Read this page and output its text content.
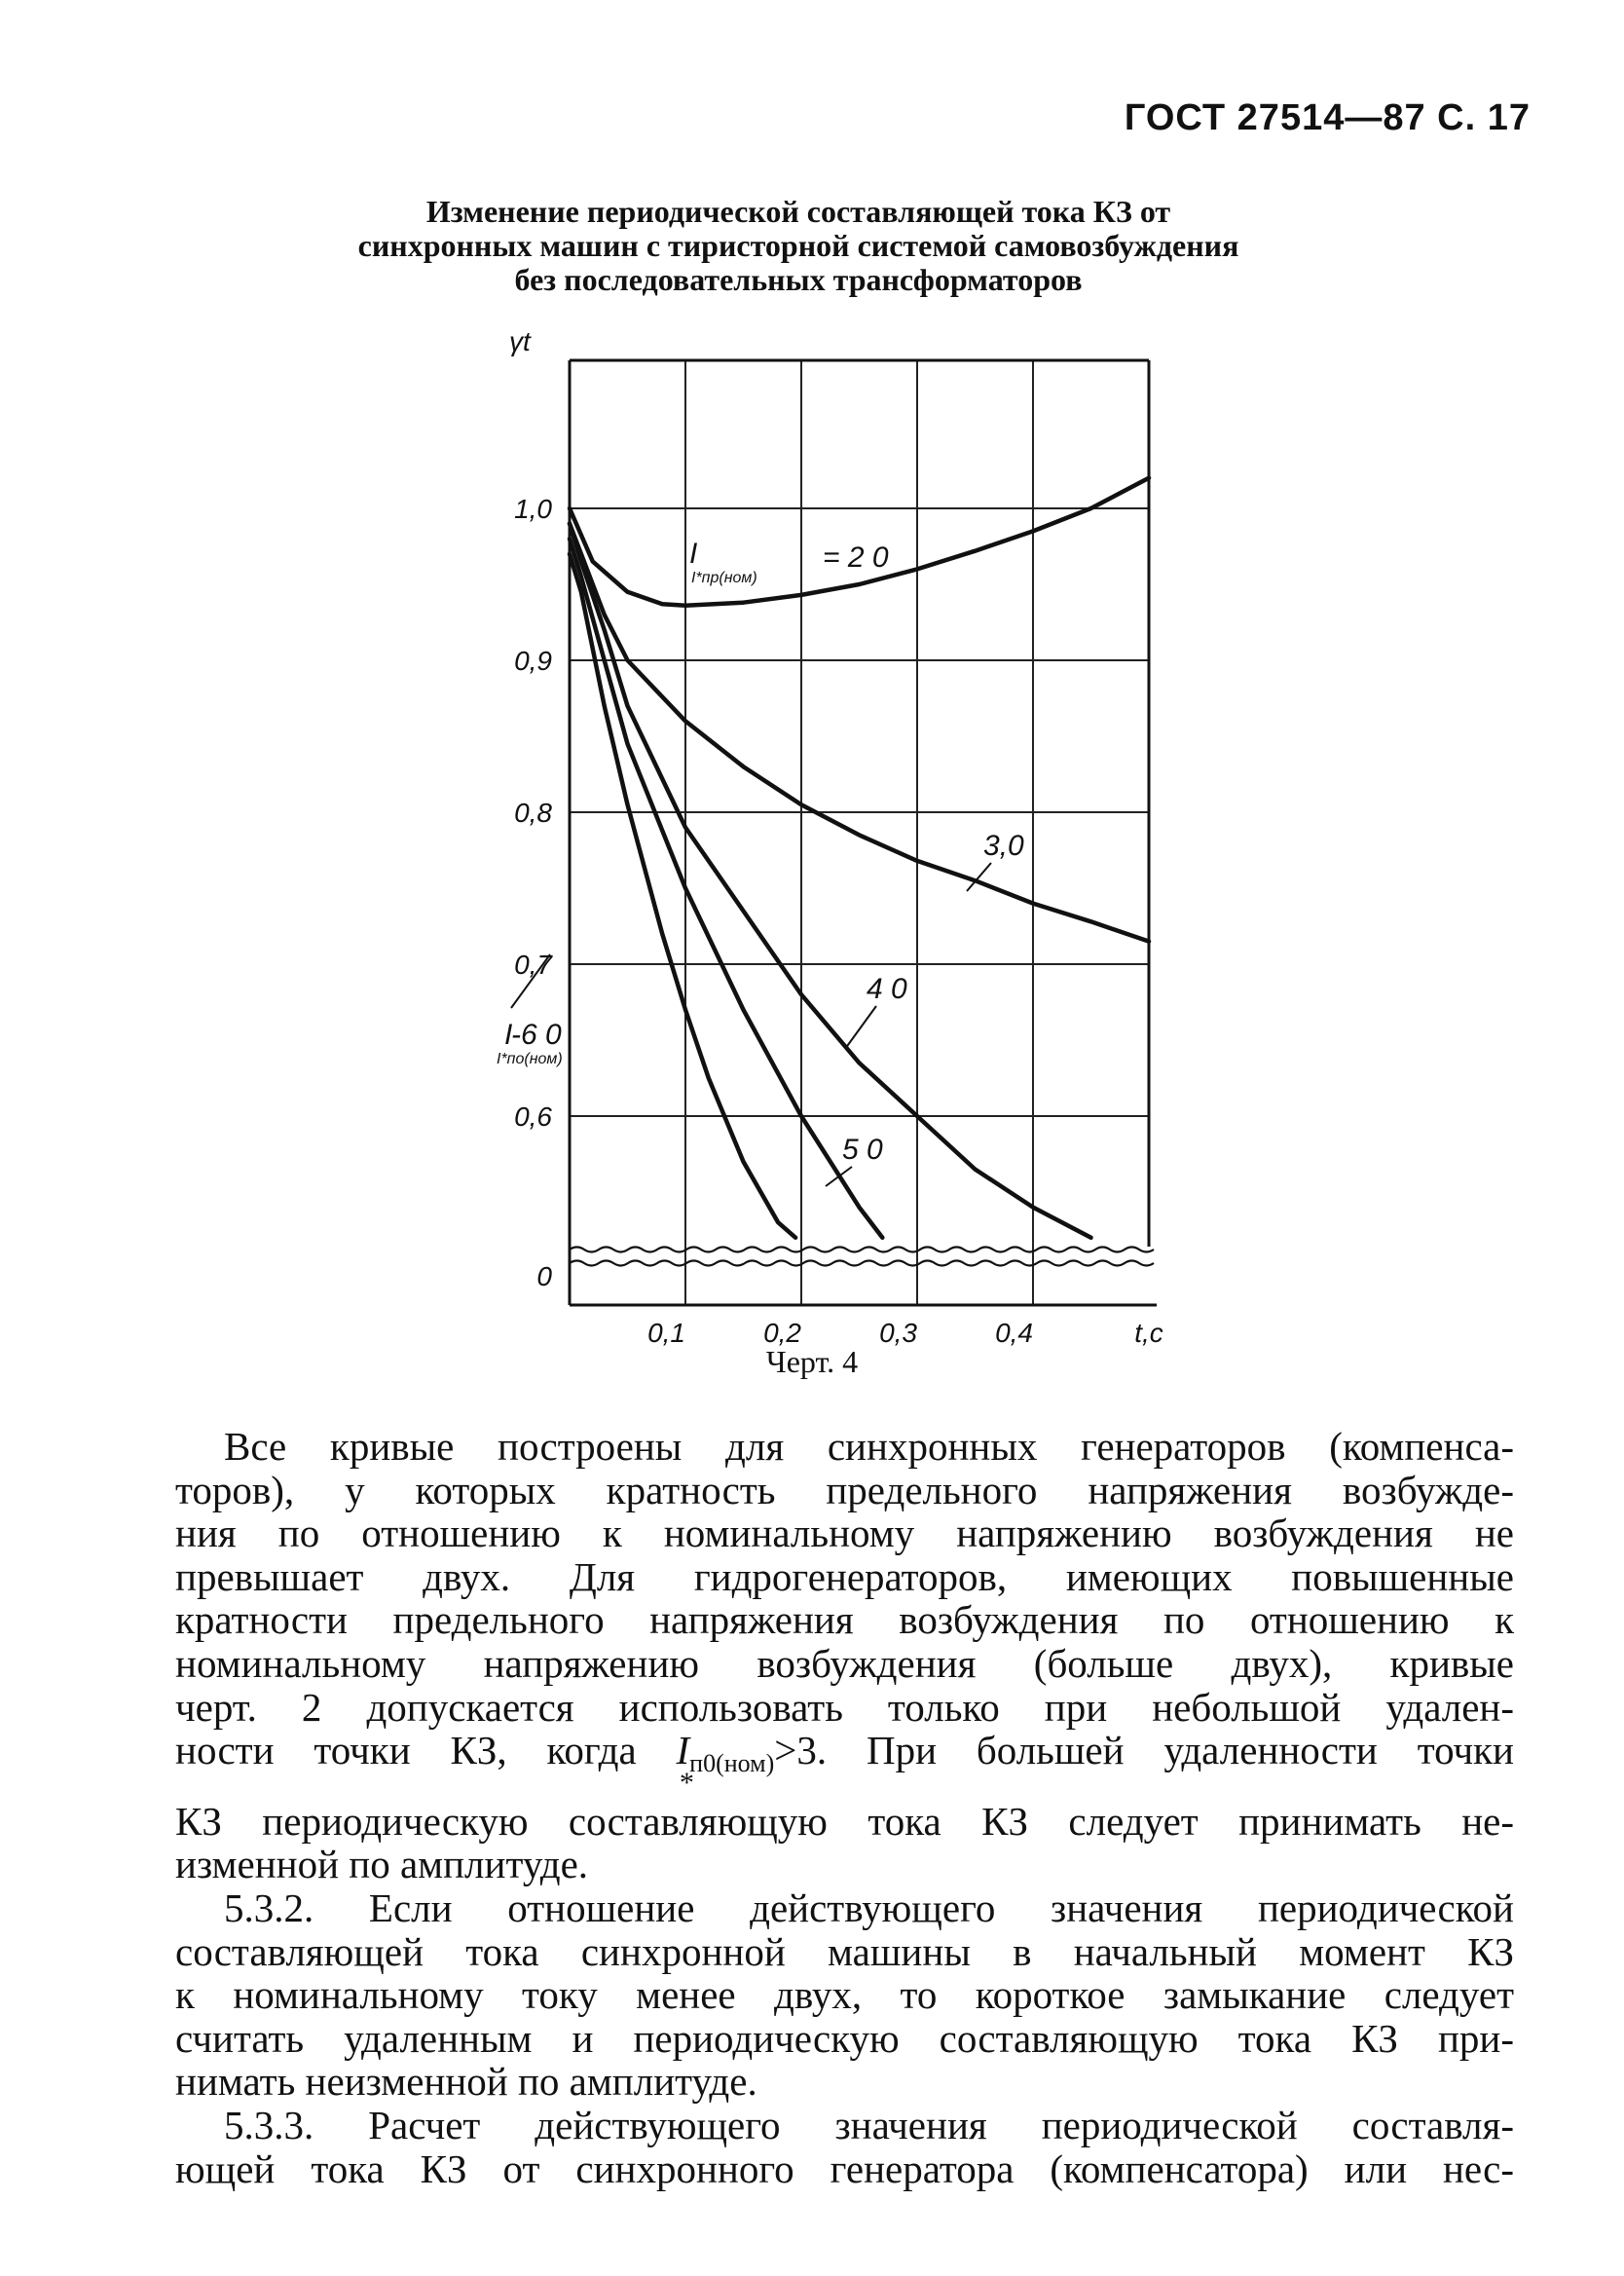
ГОСТ 27514—87 С. 17
Изменение периодической составляющей тока КЗ от
синхронных машин с тиристорной системой самовозбуждения
без последовательных трансформаторов
1,0
0,9
0,8
0,7
0,6
0
γt
0,1	0,2	0,3	0,4	t,c
= 2 0
I
I*пр(ном)
3,0
4 0
5 0
-6 0
I
I*по(ном)
Черт. 4

Все кривые построены для синхронных генераторов (компенса-

торов), у которых кратность предельного напряжения возбужде-

ния по отношению к номинальному напряжению возбуждения не

превышает двух. Для гидрогенераторов, имеющих повышенные

кратности предельного напряжения возбуждения по отношению к

номинальному напряжению возбуждения (больше двух), кривые

черт. 2 допускается использовать только при небольшой удален-

ности точки КЗ, когда I $*_{п0(ном)}>3$. При большей удаленности точки

КЗ периодическую составляющую тока КЗ следует принимать не-

изменной по амплитуде.

5.3.2. Если отношение действующего значения периодической

составляющей тока синхронной машины в начальный момент КЗ

к номинальному току менее двух, то короткое замыкание следует

считать удаленным и периодическую составляющую тока КЗ при-

нимать неизменной по амплитуде.

5.3.3. Расчет действующего значения периодической составля-

ющей тока КЗ от синхронного генератора (компенсатора) или нес-
